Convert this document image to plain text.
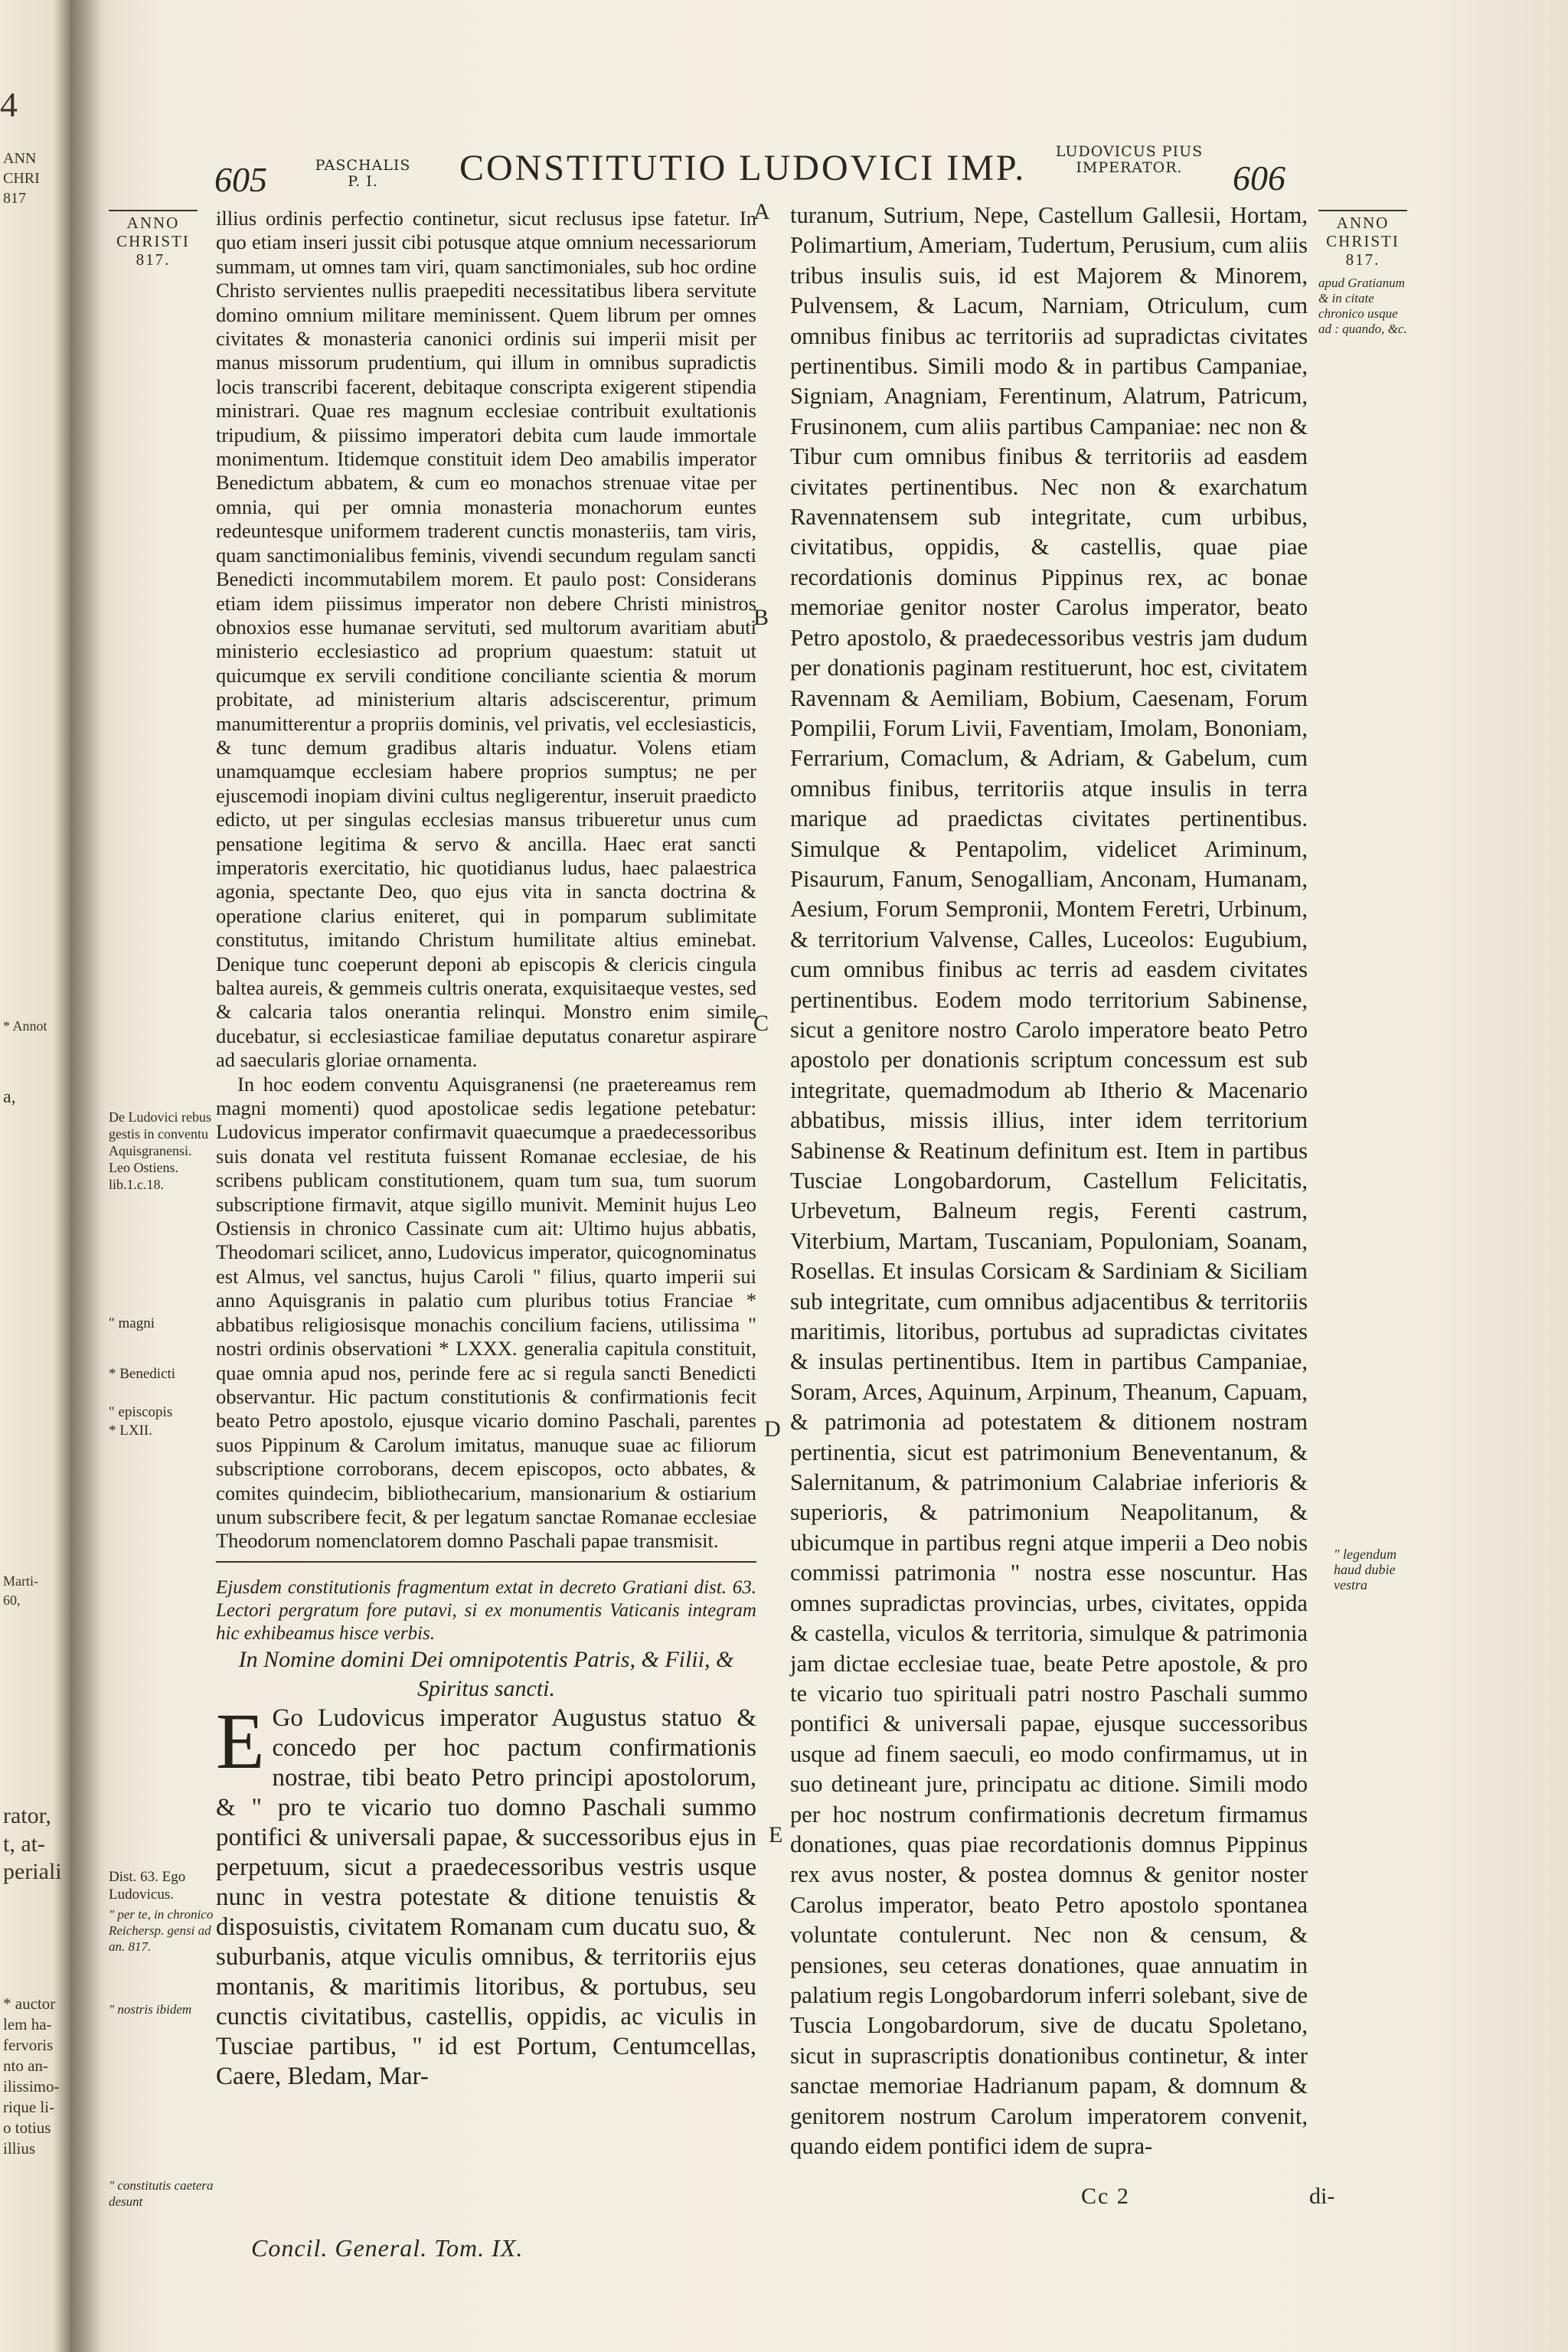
4
ANN
CHRI
817
* Annot
a,
Marti-
60,
rator,
t, at-
periali
* auctor
lem ha-
fervoris
nto an-
ilissimo-
rique li-
o totius
illius
605	PASCHALIS
P. I.	CONSTITUTIO LUDOVICI IMP.	LUDOVICUS PIUS
IMPERATOR.	606
ANNO
CHRISTI
817.
ANNO
CHRISTI
817.
apud Gratianum & in citate chronico usque ad : quando, &c.
" legendum haud dubie vestra
De Ludovici rebus gestis in conventu Aquisgranensi. Leo Ostiens. lib.1.c.18.
" magni
* Benedicti
" episcopis
* LXII.
Dist. 63. Ego Ludovicus.
" per te, in chronico Reichersp. gensi ad an. 817.
" nostris ibidem
" constitutis caetera desunt
A
B
C
D
E

illius ordinis perfectio continetur, sicut reclusus ipse fatetur. In quo etiam inseri jussit cibi potusque atque omnium necessariorum summam, ut omnes tam viri, quam sanctimoniales, sub hoc ordine Christo servientes nullis praepediti necessitatibus libera servitute domino omnium militare meminissent. Quem librum per omnes civitates & monasteria canonici ordinis sui imperii misit per manus missorum prudentium, qui illum in omnibus supradictis locis transcribi facerent, debitaque conscripta exigerent stipendia ministrari. Quae res magnum ecclesiae contribuit exultationis tripudium, & piissimo imperatori debita cum laude immortale monimentum. Itidemque constituit idem Deo amabilis imperator Benedictum abbatem, & cum eo monachos strenuae vitae per omnia, qui per omnia monasteria monachorum euntes redeuntesque uniformem traderent cunctis monasteriis, tam viris, quam sanctimonialibus feminis, vivendi secundum regulam sancti Benedicti incommutabilem morem. Et paulo post: Considerans etiam idem piissimus imperator non debere Christi ministros obnoxios esse humanae servituti, sed multorum avaritiam abuti ministerio ecclesiastico ad proprium quaestum: statuit ut quicumque ex servili conditione conciliante scientia & morum probitate, ad ministerium altaris adsciscerentur, primum manumitterentur a propriis dominis, vel privatis, vel ecclesiasticis, & tunc demum gradibus altaris induatur. Volens etiam unamquamque ecclesiam habere proprios sumptus; ne per ejuscemodi inopiam divini cultus negligerentur, inseruit praedicto edicto, ut per singulas ecclesias mansus tribueretur unus cum pensatione legitima & servo & ancilla. Haec erat sancti imperatoris exercitatio, hic quotidianus ludus, haec palaestrica agonia, spectante Deo, quo ejus vita in sancta doctrina & operatione clarius eniteret, qui in pomparum sublimitate constitutus, imitando Christum humilitate altius eminebat. Denique tunc coeperunt deponi ab episcopis & clericis cingula baltea aureis, & gemmeis cultris onerata, exquisitaeque vestes, sed & calcaria talos onerantia relinqui. Monstro enim simile ducebatur, si ecclesiasticae familiae deputatus conaretur aspirare ad saecularis gloriae ornamenta.

In hoc eodem conventu Aquisgranensi (ne praetereamus rem magni momenti) quod apostolicae sedis legatione petebatur: Ludovicus imperator confirmavit quaecumque a praedecessoribus suis donata vel restituta fuissent Romanae ecclesiae, de his scribens publicam constitutionem, quam tum sua, tum suorum subscriptione firmavit, atque sigillo munivit. Meminit hujus Leo Ostiensis in chronico Cassinate cum ait: Ultimo hujus abbatis, Theodomari scilicet, anno, Ludovicus imperator, quicognominatus est Almus, vel sanctus, hujus Caroli " filius, quarto imperii sui anno Aquisgranis in palatio cum pluribus totius Franciae * abbatibus religiosisque monachis concilium faciens, utilissima " nostri ordinis observationi * LXXX. generalia capitula constituit, quae omnia apud nos, perinde fere ac si regula sancti Benedicti observantur. Hic pactum constitutionis & confirmationis fecit beato Petro apostolo, ejusque vicario domino Paschali, parentes suos Pippinum & Carolum imitatus, manuque suae ac filiorum subscriptione corroborans, decem episcopos, octo abbates, & comites quindecim, bibliothecarium, mansionarium & ostiarium unum subscribere fecit, & per legatum sanctae Romanae ecclesiae Theodorum nomenclatorem domno Paschali papae transmisit.

Ejusdem constitutionis fragmentum extat in decreto Gratiani dist. 63. Lectori pergratum fore putavi, si ex monumentis Vaticanis integram hic exhibeamus hisce verbis.

In Nomine domini Dei omnipotentis Patris, & Filii, & Spiritus sancti.

E Go Ludovicus imperator Augustus statuo & concedo per hoc pactum confirmationis nostrae, tibi beato Petro principi apostolorum, & " pro te vicario tuo domno Paschali summo pontifici & universali papae, & successoribus ejus in perpetuum, sicut a praedecessoribus vestris usque nunc in vestra potestate & ditione tenuistis & disposuistis, civitatem Romanam cum ducatu suo, & suburbanis, atque viculis omnibus, & territoriis ejus montanis, & maritimis litoribus, & portubus, seu cunctis civitatibus, castellis, oppidis, ac viculis in Tusciae partibus, " id est Portum, Centumcellas, Caere, Bledam, Mar-

turanum, Sutrium, Nepe, Castellum Gallesii, Hortam, Polimartium, Ameriam, Tudertum, Perusium, cum aliis tribus insulis suis, id est Majorem & Minorem, Pulvensem, & Lacum, Narniam, Otriculum, cum omnibus finibus ac territoriis ad supradictas civitates pertinentibus. Simili modo & in partibus Campaniae, Signiam, Anagniam, Ferentinum, Alatrum, Patricum, Frusinonem, cum aliis partibus Campaniae: nec non & Tibur cum omnibus finibus & territoriis ad easdem civitates pertinentibus. Nec non & exarchatum Ravennatensem sub integritate, cum urbibus, civitatibus, oppidis, & castellis, quae piae recordationis dominus Pippinus rex, ac bonae memoriae genitor noster Carolus imperator, beato Petro apostolo, & praedecessoribus vestris jam dudum per donationis paginam restituerunt, hoc est, civitatem Ravennam & Aemiliam, Bobium, Caesenam, Forum Pompilii, Forum Livii, Faventiam, Imolam, Bononiam, Ferrarium, Comaclum, & Adriam, & Gabelum, cum omnibus finibus, territoriis atque insulis in terra marique ad praedictas civitates pertinentibus. Simulque & Pentapolim, videlicet Ariminum, Pisaurum, Fanum, Senogalliam, Anconam, Humanam, Aesium, Forum Sempronii, Montem Feretri, Urbinum, & territorium Valvense, Calles, Luceolos: Eugubium, cum omnibus finibus ac terris ad easdem civitates pertinentibus. Eodem modo territorium Sabinense, sicut a genitore nostro Carolo imperatore beato Petro apostolo per donationis scriptum concessum est sub integritate, quemadmodum ab Itherio & Macenario abbatibus, missis illius, inter idem territorium Sabinense & Reatinum definitum est. Item in partibus Tusciae Longobardorum, Castellum Felicitatis, Urbevetum, Balneum regis, Ferenti castrum, Viterbium, Martam, Tuscaniam, Populoniam, Soanam, Rosellas. Et insulas Corsicam & Sardiniam & Siciliam sub integritate, cum omnibus adjacentibus & territoriis maritimis, litoribus, portubus ad supradictas civitates & insulas pertinentibus. Item in partibus Campaniae, Soram, Arces, Aquinum, Arpinum, Theanum, Capuam, & patrimonia ad potestatem & ditionem nostram pertinentia, sicut est patrimonium Beneventanum, & Salernitanum, & patrimonium Calabriae inferioris & superioris, & patrimonium Neapolitanum, & ubicumque in partibus regni atque imperii a Deo nobis commissi patrimonia " nostra esse noscuntur. Has omnes supradictas provincias, urbes, civitates, oppida & castella, viculos & territoria, simulque & patrimonia jam dictae ecclesiae tuae, beate Petre apostole, & pro te vicario tuo spirituali patri nostro Paschali summo pontifici & universali papae, ejusque successoribus usque ad finem saeculi, eo modo confirmamus, ut in suo detineant jure, principatu ac ditione. Simili modo per hoc nostrum confirmationis decretum firmamus donationes, quas piae recordationis domnus Pippinus rex avus noster, & postea domnus & genitor noster Carolus imperator, beato Petro apostolo spontanea voluntate contulerunt. Nec non & censum, & pensiones, seu ceteras donationes, quae annuatim in palatium regis Longobardorum inferri solebant, sive de Tuscia Longobardorum, sive de ducatu Spoletano, sicut in suprascriptis donationibus continetur, & inter sanctae memoriae Hadrianum papam, & domnum & genitorem nostrum Carolum imperatorem convenit, quando eidem pontifici idem de supra-

Concil. General. Tom. IX.
Cc 2	di-
